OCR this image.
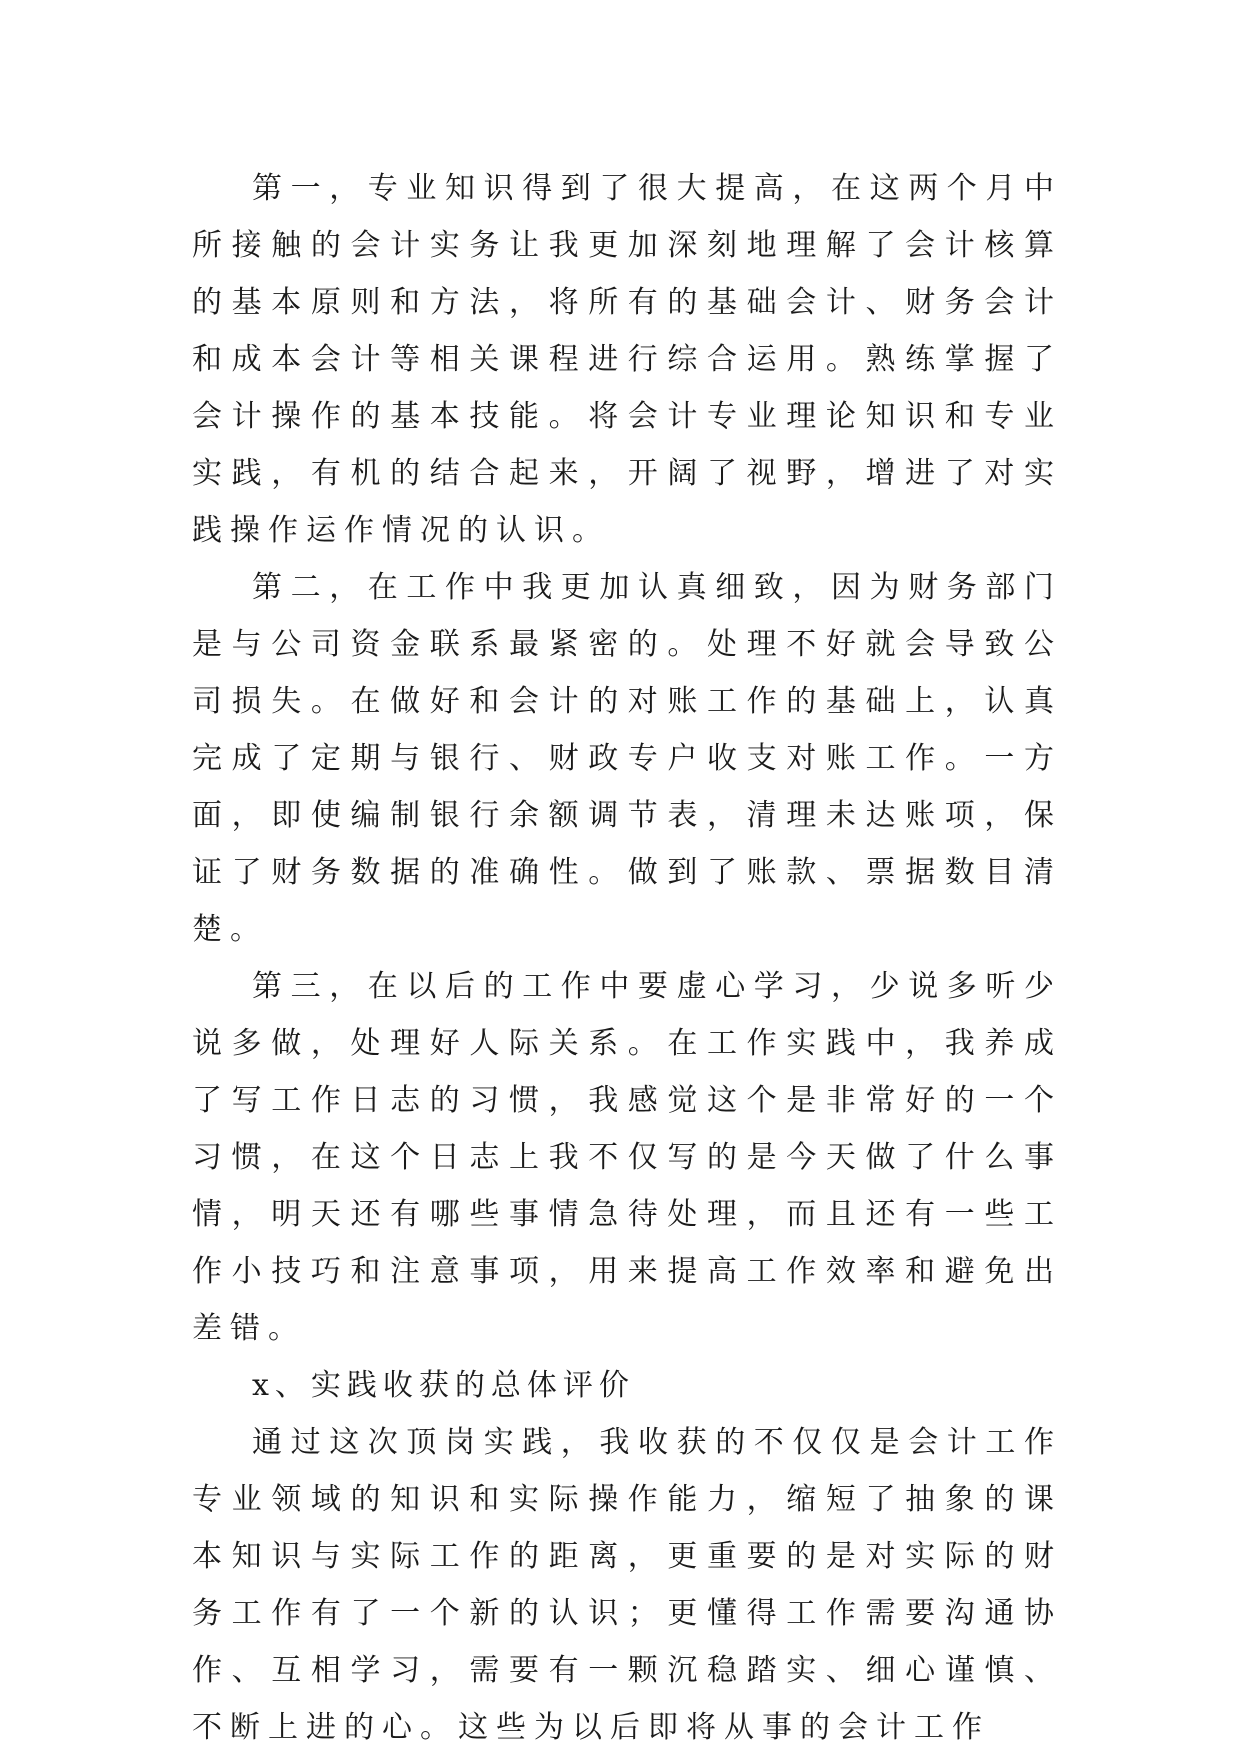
第一，专业知识得到了很大提高，在这两个月中所接触的会计实务让我更加深刻地理解了会计核算的基本原则和方法，将所有的基础会计、财务会计和成本会计等相关课程进行综合运用。熟练掌握了会计操作的基本技能。将会计专业理论知识和专业实践，有机的结合起来，开阔了视野，增进了对实践操作运作情况的认识。

第二，在工作中我更加认真细致，因为财务部门是与公司资金联系最紧密的。处理不好就会导致公司损失。在做好和会计的对账工作的基础上，认真完成了定期与银行、财政专户收支对账工作。一方面，即使编制银行余额调节表，清理未达账项，保证了财务数据的准确性。做到了账款、票据数目清楚。

第三，在以后的工作中要虚心学习，少说多听少说多做，处理好人际关系。在工作实践中，我养成了写工作日志的习惯，我感觉这个是非常好的一个习惯，在这个日志上我不仅写的是今天做了什么事情，明天还有哪些事情急待处理，而且还有一些工作小技巧和注意事项，用来提高工作效率和避免出差错。

x、实践收获的总体评价

通过这次顶岗实践，我收获的不仅仅是会计工作专业领域的知识和实际操作能力，缩短了抽象的课本知识与实际工作的距离，更重要的是对实际的财务工作有了一个新的认识；更懂得工作需要沟通协作、互相学习，需要有一颗沉稳踏实、细心谨慎、不断上进的心。这些为以后即将从事的会计工作
